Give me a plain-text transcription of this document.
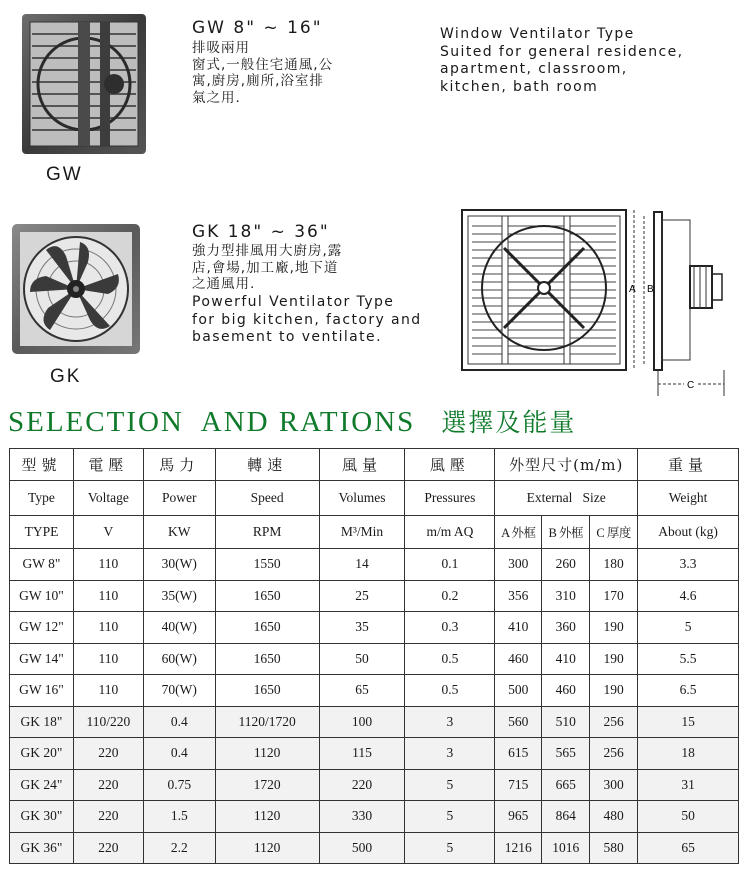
GW
GW 8" ~ 16"
排吸兩用
窗式,一般住宅通風,公
寓,廚房,廁所,浴室排
氣之用.
Window Ventilator Type
Suited for general residence,
apartment, classroom,
kitchen, bath room
GK
GK 18" ~ 36"
強力型排風用大廚房,露
店,會場,加工廠,地下道
之通風用.
Powerful Ventilator Type
for big kitchen, factory and
basement to ventilate.
A B
C
SELECTION  AND RATIONS 選擇及能量
型號	電壓	馬力	轉速	風量	風壓	外型尺寸(m/m)			重量
Type	Voltage	Power	Speed	Volumes	Pressures	External   Size			Weight
TYPE	V	KW	RPM	M³/Min	m/m AQ	A 外框	B 外框	C 厚度	About (kg)
GW 8"	110	30(W)	1550	14	0.1	300	260	180	3.3
GW 10"	110	35(W)	1650	25	0.2	356	310	170	4.6
GW 12"	110	40(W)	1650	35	0.3	410	360	190	5
GW 14"	110	60(W)	1650	50	0.5	460	410	190	5.5
GW 16"	110	70(W)	1650	65	0.5	500	460	190	6.5
GK 18"	110/220	0.4	1120/1720	100	3	560	510	256	15
GK 20"	220	0.4	1120	115	3	615	565	256	18
GK 24"	220	0.75	1720	220	5	715	665	300	31
GK 30"	220	1.5	1120	330	5	965	864	480	50
GK 36"	220	2.2	1120	500	5	1216	1016	580	65
